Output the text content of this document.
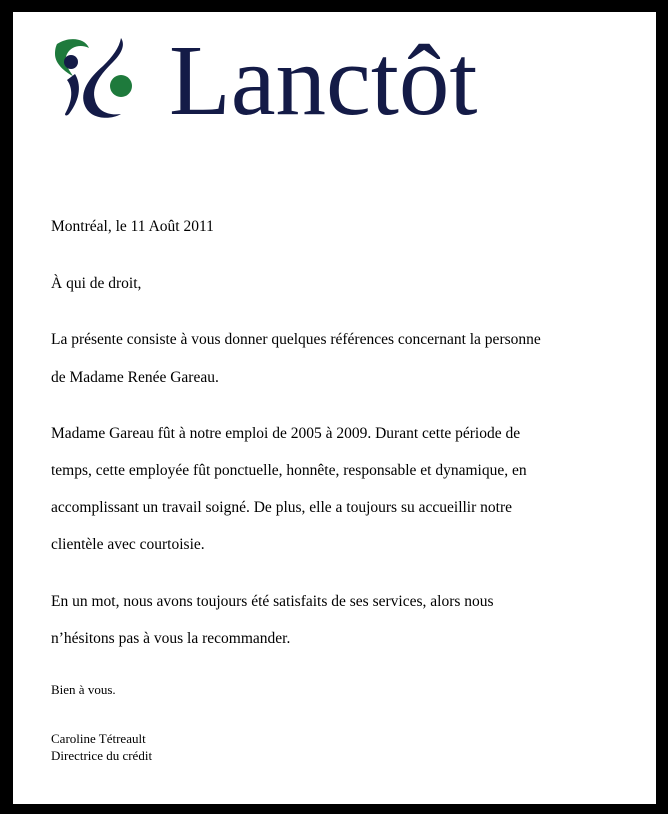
Lanctôt
Montréal, le 11 Août 2011
À qui de droit,
La présente consiste à vous donner quelques références concernant la personne
de Madame Renée Gareau.
Madame Gareau fût à notre emploi de 2005 à 2009. Durant cette période de
temps, cette employée fût ponctuelle, honnête, responsable et dynamique, en
accomplissant un travail soigné. De plus, elle a toujours su accueillir notre
clientèle avec courtoisie.
En un mot, nous avons toujours été satisfaits de ses services, alors nous
n’hésitons pas à vous la recommander.
Bien à vous.
Caroline Tétreault
Directrice du crédit
